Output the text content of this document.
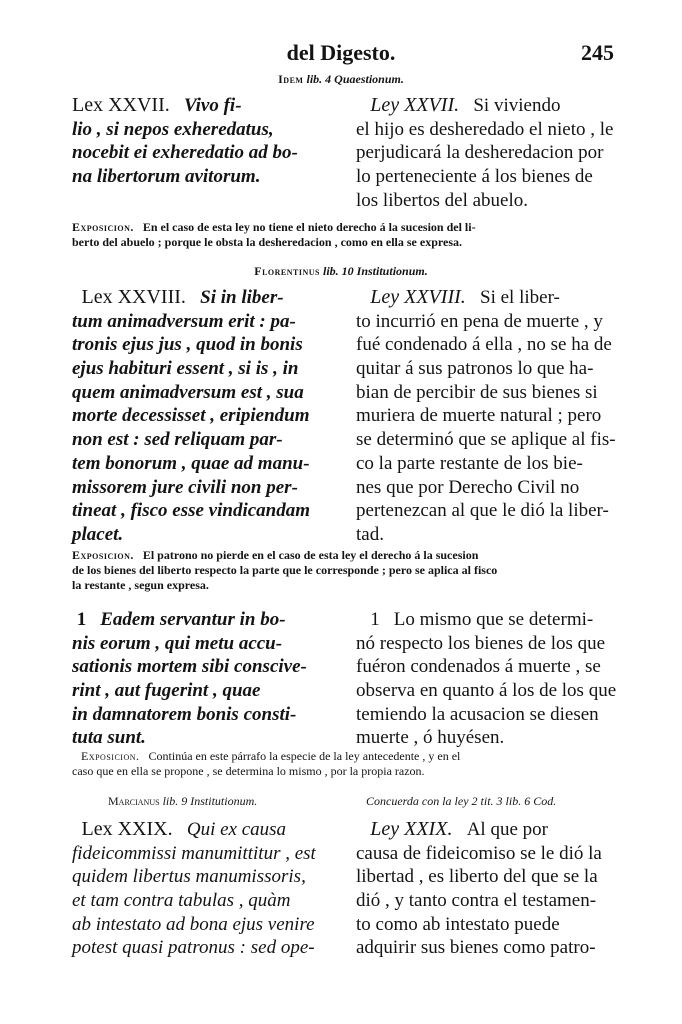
del Digesto.	245
Idem lib. 4 Quaestionum.
Lex XXVII. Vivo fi-
lio , si nepos exheredatus,
nocebit ei exheredatio ad bo-
na libertorum avitorum.
Ley XXVII. Si viviendo
el hijo es desheredado el nieto , le
perjudicará la desheredacion por
lo perteneciente á los bienes de
los libertos del abuelo.
Exposicion. En el caso de esta ley no tiene el nieto derecho á la sucesion del li-
berto del abuelo ; porque le obsta la desheredacion , como en ella se expresa.
Florentinus lib. 10 Institutionum.
Lex XXVIII. Si in liber-
tum animadversum erit : pa-
tronis ejus jus , quod in bonis
ejus habituri essent , si is , in
quem animadversum est , sua
morte decessisset , eripiendum
non est : sed reliquam par-
tem bonorum , quae ad manu-
missorem jure civili non per-
tineat , fisco esse vindicandam
placet.
Ley XXVIII. Si el liber-
to incurrió en pena de muerte , y
fué condenado á ella , no se ha de
quitar á sus patronos lo que ha-
bian de percibir de sus bienes si
muriera de muerte natural ; pero
se determinó que se aplique al fis-
co la parte restante de los bie-
nes que por Derecho Civil no
pertenezcan al que le dió la liber-
tad.
Exposicion. El patrono no pierde en el caso de esta ley el derecho á la sucesion
de los bienes del liberto respecto la parte que le corresponde ; pero se aplica al fisco
la restante , segun expresa.
1 Eadem servantur in bo-
nis eorum , qui metu accu-
sationis mortem sibi conscive-
rint , aut fugerint , quae
in damnatorem bonis consti-
tuta sunt.
1 Lo mismo que se determi-
nó respecto los bienes de los que
fuéron condenados á muerte , se
observa en quanto á los de los que
temiendo la acusacion se diesen
muerte , ó huyésen.
Exposicion. Continúa en este párrafo la especie de la ley antecedente , y en el
caso que en ella se propone , se determina lo mismo , por la propia razon.
Marcianus lib. 9 Institutionum.	Concuerda con la ley 2 tit. 3 lib. 6 Cod.
Lex XXIX. Qui ex causa
fideicommissi manumittitur , est
quidem libertus manumissoris,
et tam contra tabulas , quàm
ab intestato ad bona ejus venire
potest quasi patronus : sed ope-
Ley XXIX. Al que por
causa de fideicomiso se le dió la
libertad , es liberto del que se la
dió , y tanto contra el testamen-
to como ab intestato puede
adquirir sus bienes como patro-
